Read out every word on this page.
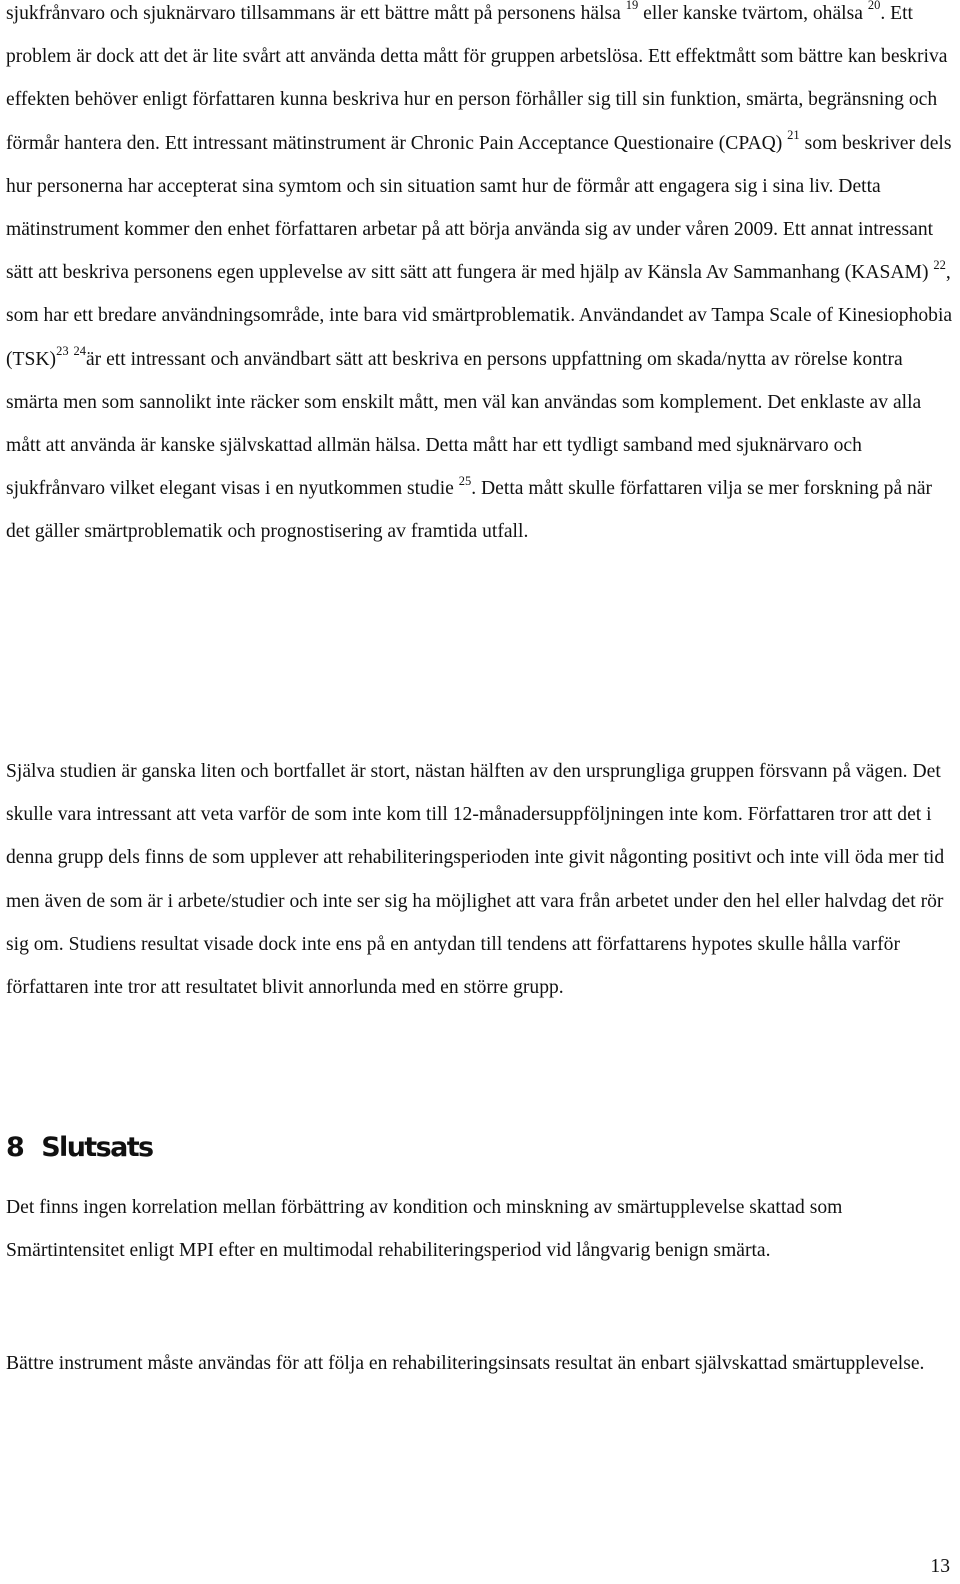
sjukfrånvaro och sjuknärvaro tillsammans är ett bättre mått på personens hälsa $^{19}$ eller kanske tvärtom, ohälsa $^{20}$. Ett problem är dock att det är lite svårt att använda detta mått för gruppen arbetslösa. Ett effektmått som bättre kan beskriva effekten behöver enligt författaren kunna beskriva hur en person förhåller sig till sin funktion, smärta, begränsning och förmår hantera den. Ett intressant mätinstrument är Chronic Pain Acceptance Questionaire (CPAQ) $^{21}$ som beskriver dels hur personerna har accepterat sina symtom och sin situation samt hur de förmår att engagera sig i sina liv. Detta mätinstrument kommer den enhet författaren arbetar på att börja använda sig av under våren 2009. Ett annat intressant sätt att beskriva personens egen upplevelse av sitt sätt att fungera är med hjälp av Känsla Av Sammanhang (KASAM) $^{22}$, som har ett bredare användningsområde, inte bara vid smärtproblematik. Användandet av Tampa Scale of Kinesiophobia (TSK)$^{23}$ $^{24}$är ett intressant och användbart sätt att beskriva en persons uppfattning om skada/nytta av rörelse kontra smärta men som sannolikt inte räcker som enskilt mått, men väl kan användas som komplement. Det enklaste av alla mått att använda är kanske självskattad allmän hälsa. Detta mått har ett tydligt samband med sjuknärvaro och sjukfrånvaro vilket elegant visas i en nyutkommen studie $^{25}$. Detta mått skulle författaren vilja se mer forskning på när det gäller smärtproblematik och prognostisering av framtida utfall.

Själva studien är ganska liten och bortfallet är stort, nästan hälften av den ursprungliga gruppen försvann på vägen. Det skulle vara intressant att veta varför de som inte kom till 12-månadersuppföljningen inte kom. Författaren tror att det i denna grupp dels finns de som upplever att rehabiliteringsperioden inte givit någonting positivt och inte vill öda mer tid men även de som är i arbete/studier och inte ser sig ha möjlighet att vara från arbetet under den hel eller halvdag det rör sig om. Studiens resultat visade dock inte ens på en antydan till tendens att författarens hypotes skulle hålla varför författaren inte tror att resultatet blivit annorlunda med en större grupp.

8 Slutsats

Det finns ingen korrelation mellan förbättring av kondition och minskning av smärtupplevelse skattad som Smärtintensitet enligt MPI efter en multimodal rehabiliteringsperiod vid långvarig benign smärta.

Bättre instrument måste användas för att följa en rehabiliteringsinsats resultat än enbart självskattad smärtupplevelse.

13
